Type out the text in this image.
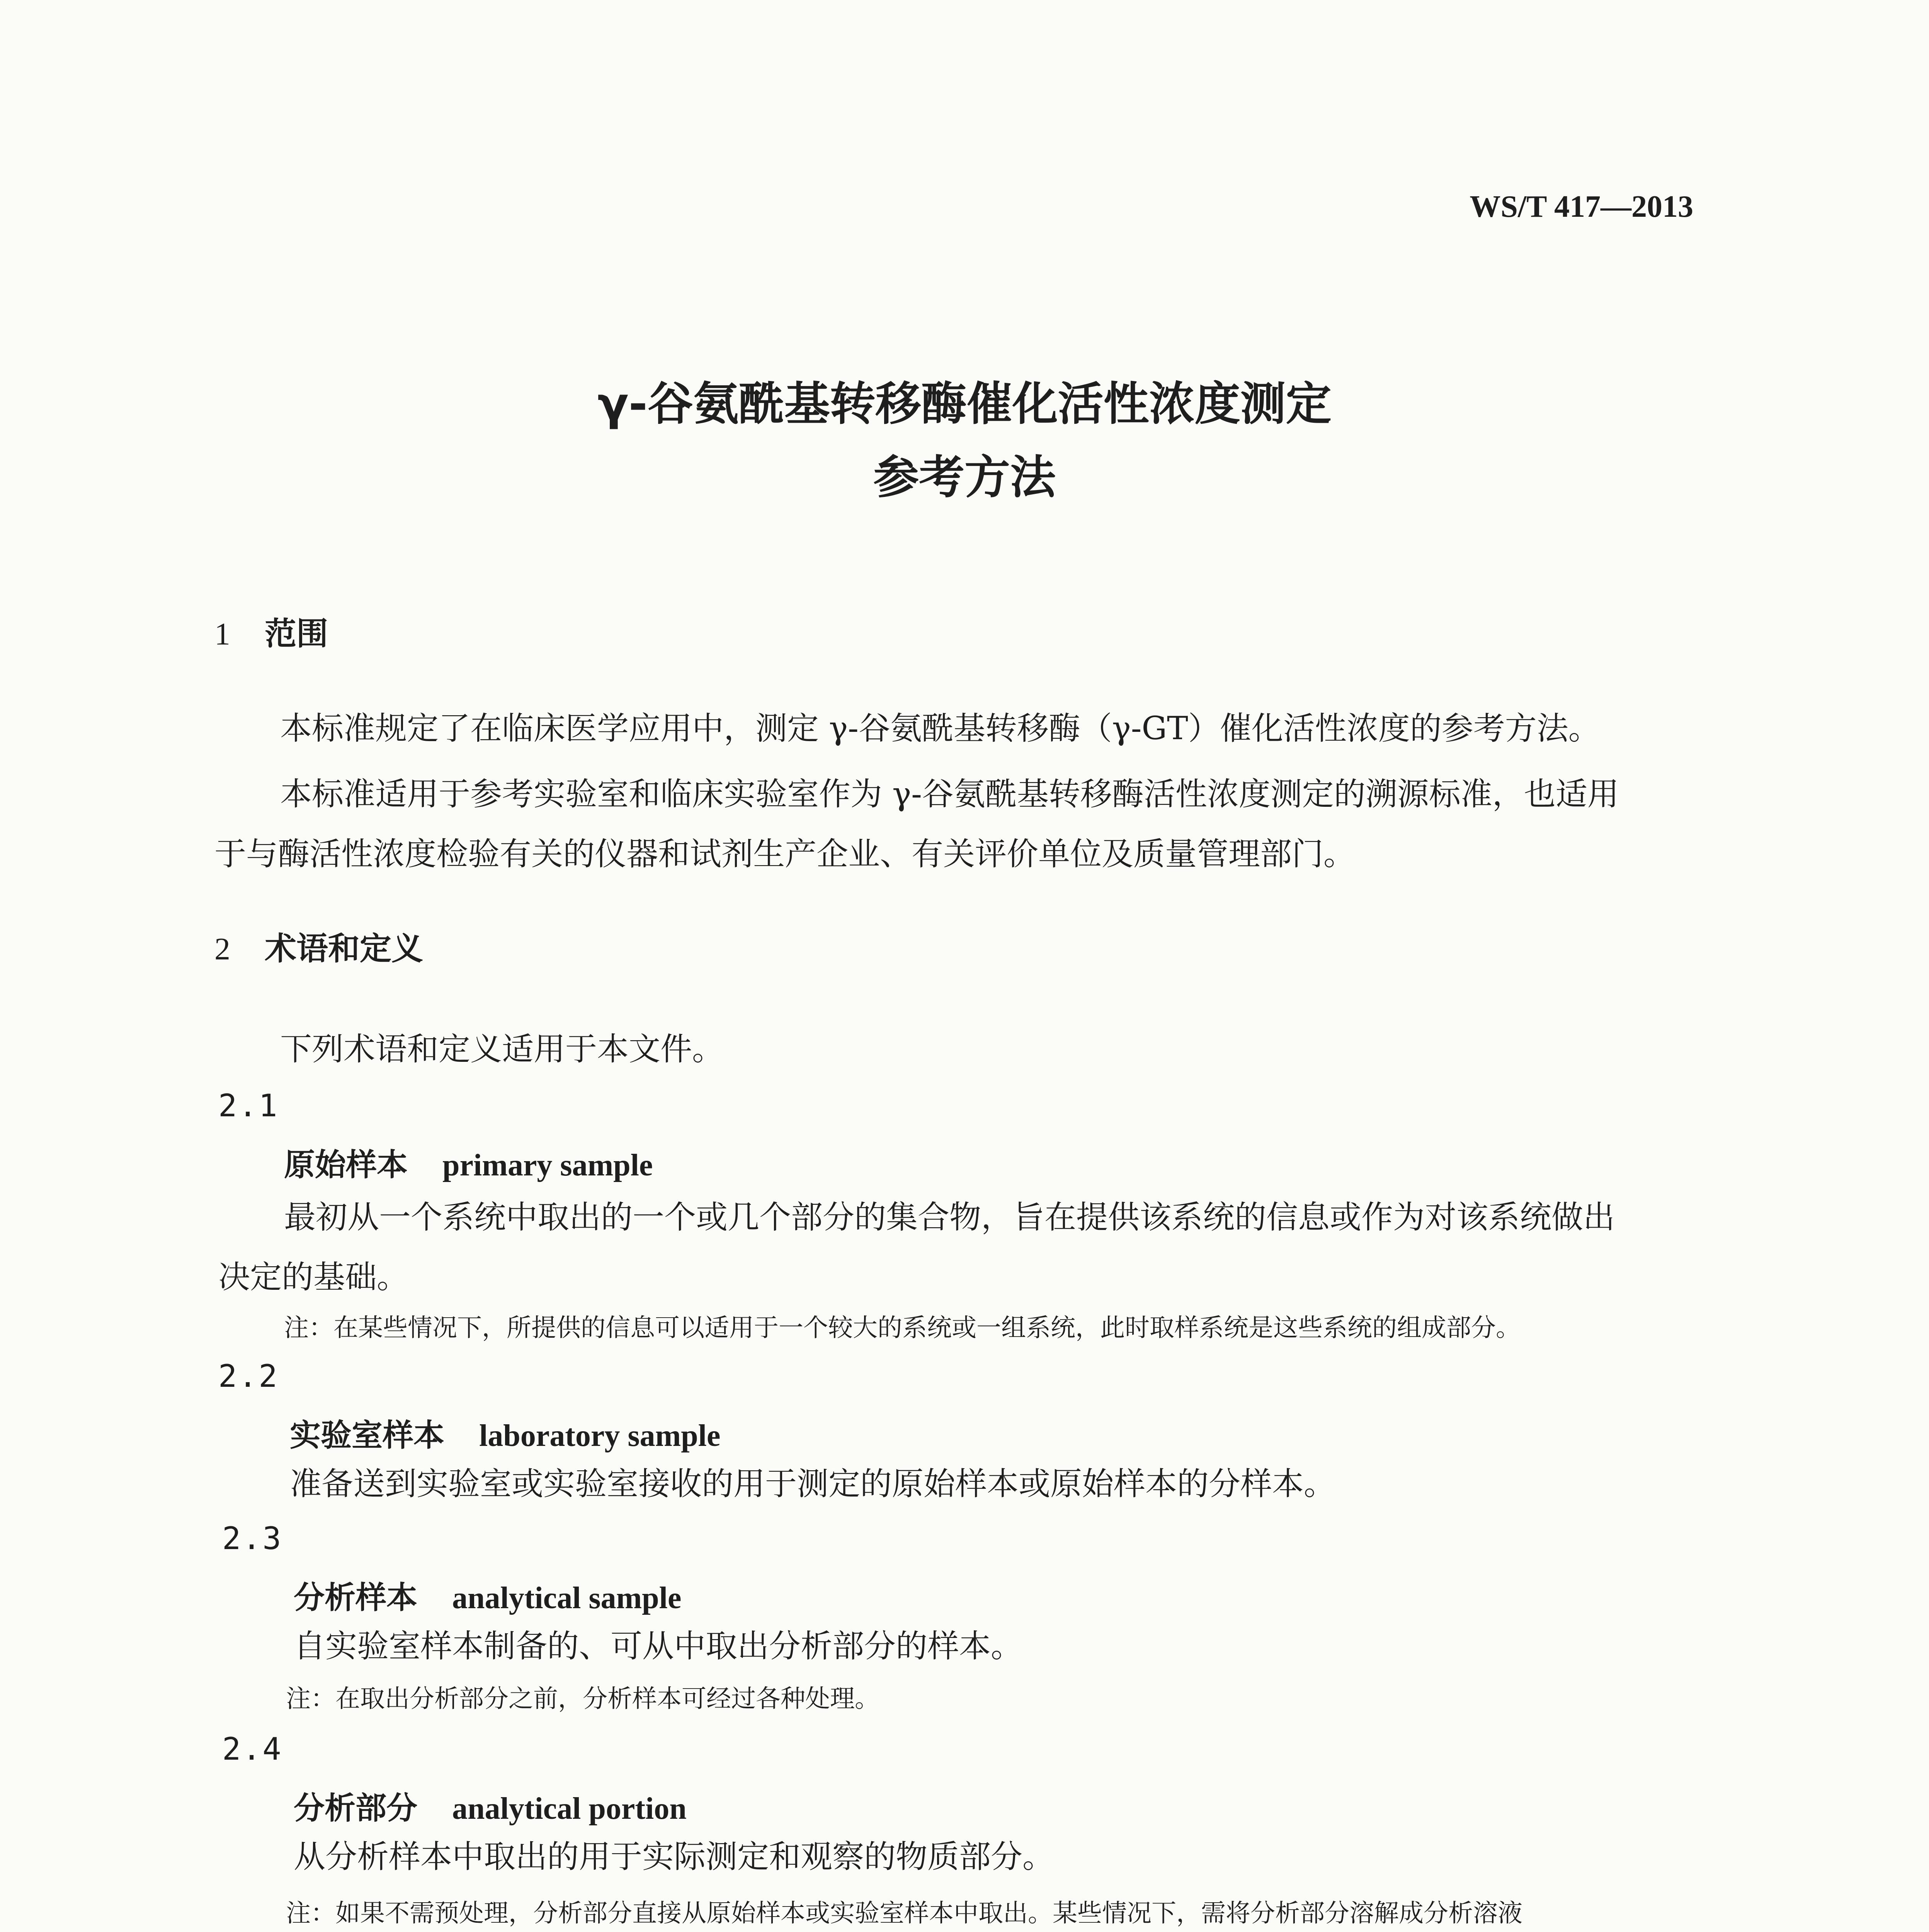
WS/T 417—2013
γ-谷氨酰基转移酶催化活性浓度测定
参考方法
1 范围
本标准规定了在临床医学应用中，测定 γ-谷氨酰基转移酶（γ-GT）催化活性浓度的参考方法。
本标准适用于参考实验室和临床实验室作为 γ-谷氨酰基转移酶活性浓度测定的溯源标准，也适用
于与酶活性浓度检验有关的仪器和试剂生产企业、有关评价单位及质量管理部门。
2 术语和定义
下列术语和定义适用于本文件。
2.1
原始样本 primary sample
最初从一个系统中取出的一个或几个部分的集合物，旨在提供该系统的信息或作为对该系统做出
决定的基础。
注：在某些情况下，所提供的信息可以适用于一个较大的系统或一组系统，此时取样系统是这些系统的组成部分。
2.2
实验室样本 laboratory sample
准备送到实验室或实验室接收的用于测定的原始样本或原始样本的分样本。
2.3
分析样本 analytical sample
自实验室样本制备的、可从中取出分析部分的样本。
注：在取出分析部分之前，分析样本可经过各种处理。
2.4
分析部分 analytical portion
从分析样本中取出的用于实际测定和观察的物质部分。
注：如果不需预处理，分析部分直接从原始样本或实验室样本中取出。某些情况下，需将分析部分溶解成分析溶液
